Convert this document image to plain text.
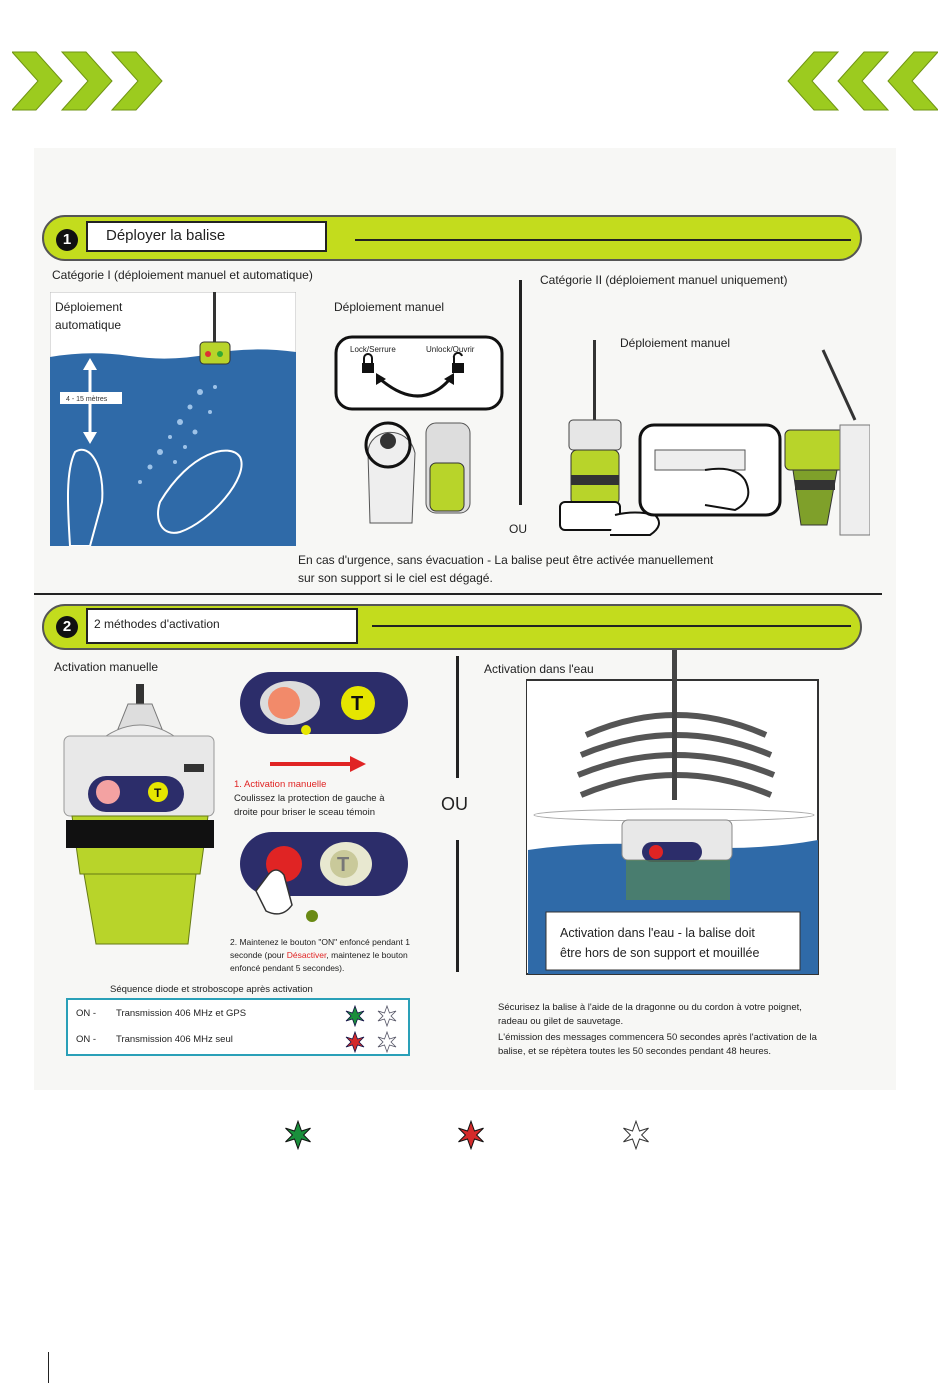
1	Déployer la balise
Catégorie I (déploiement manuel et automatique)	Catégorie II (déploiement manuel uniquement)
Déploiement automatique
4 - 15 mètres
Déploiement manuel
Lock/Serrure	Unlock/Ouvrir
OU
Déploiement manuel
En cas d'urgence, sans évacuation - La balise peut être activée manuellement
sur son support si le ciel est dégagé.
2	2 méthodes d'activation
Activation manuelle
T
T
1. Activation manuelle
Coulissez la protection de gauche à
droite pour briser le sceau témoin
T
2. Maintenez le bouton "ON" enfoncé pendant 1
seconde (pour Désactiver, maintenez le bouton
enfoncé pendant 5 secondes).
OU
Activation dans l'eau
Activation dans l'eau - la balise doit
être hors de son support et mouillée
Séquence diode et stroboscope après activation
ON - Transmission 406 MHz et GPS
ON - Transmission 406 MHz seul
Sécurisez la balise à l'aide de la dragonne ou du cordon à votre poignet,
radeau ou gilet de sauvetage.
L'émission des messages commencera 50 secondes après l'activation de la
balise, et se répètera toutes les 50 secondes pendant 48 heures.
